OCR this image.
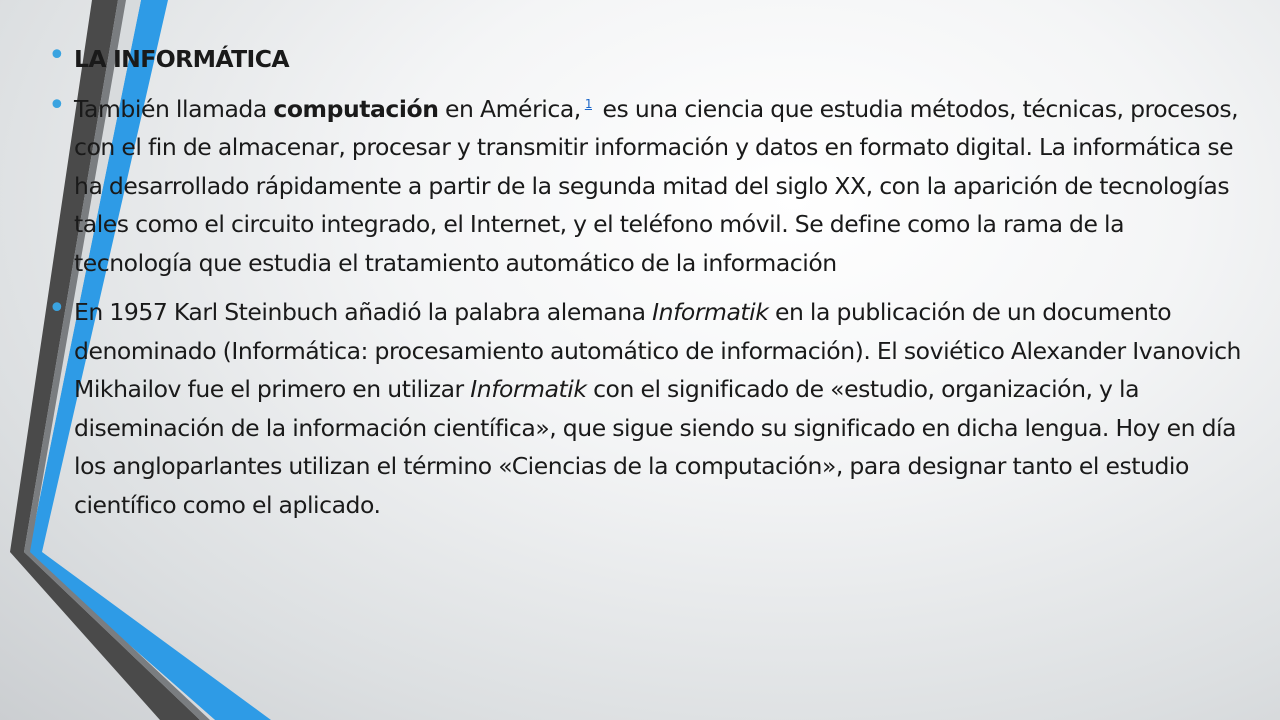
• LA INFORMÁTICA
• También llamada computación en América, $^1$ es una ciencia que estudia métodos, técnicas, procesos, con el fin de almacenar, procesar y transmitir información y datos en formato digital. La informática se ha desarrollado rápidamente a partir de la segunda mitad del siglo XX, con la aparición de tecnologías tales como el circuito integrado, el Internet, y el teléfono móvil. Se define como la rama de la tecnología que estudia el tratamiento automático de la información
• En 1957 Karl Steinbuch añadió la palabra alemana Informatik en la publicación de un documento denominado (Informática: procesamiento automático de información). El soviético Alexander Ivanovich Mikhailov fue el primero en utilizar Informatik con el significado de «estudio, organización, y la diseminación de la información científica», que sigue siendo su significado en dicha lengua. Hoy en día los angloparlantes utilizan el término «Ciencias de la computación», para designar tanto el estudio científico como el aplicado.
